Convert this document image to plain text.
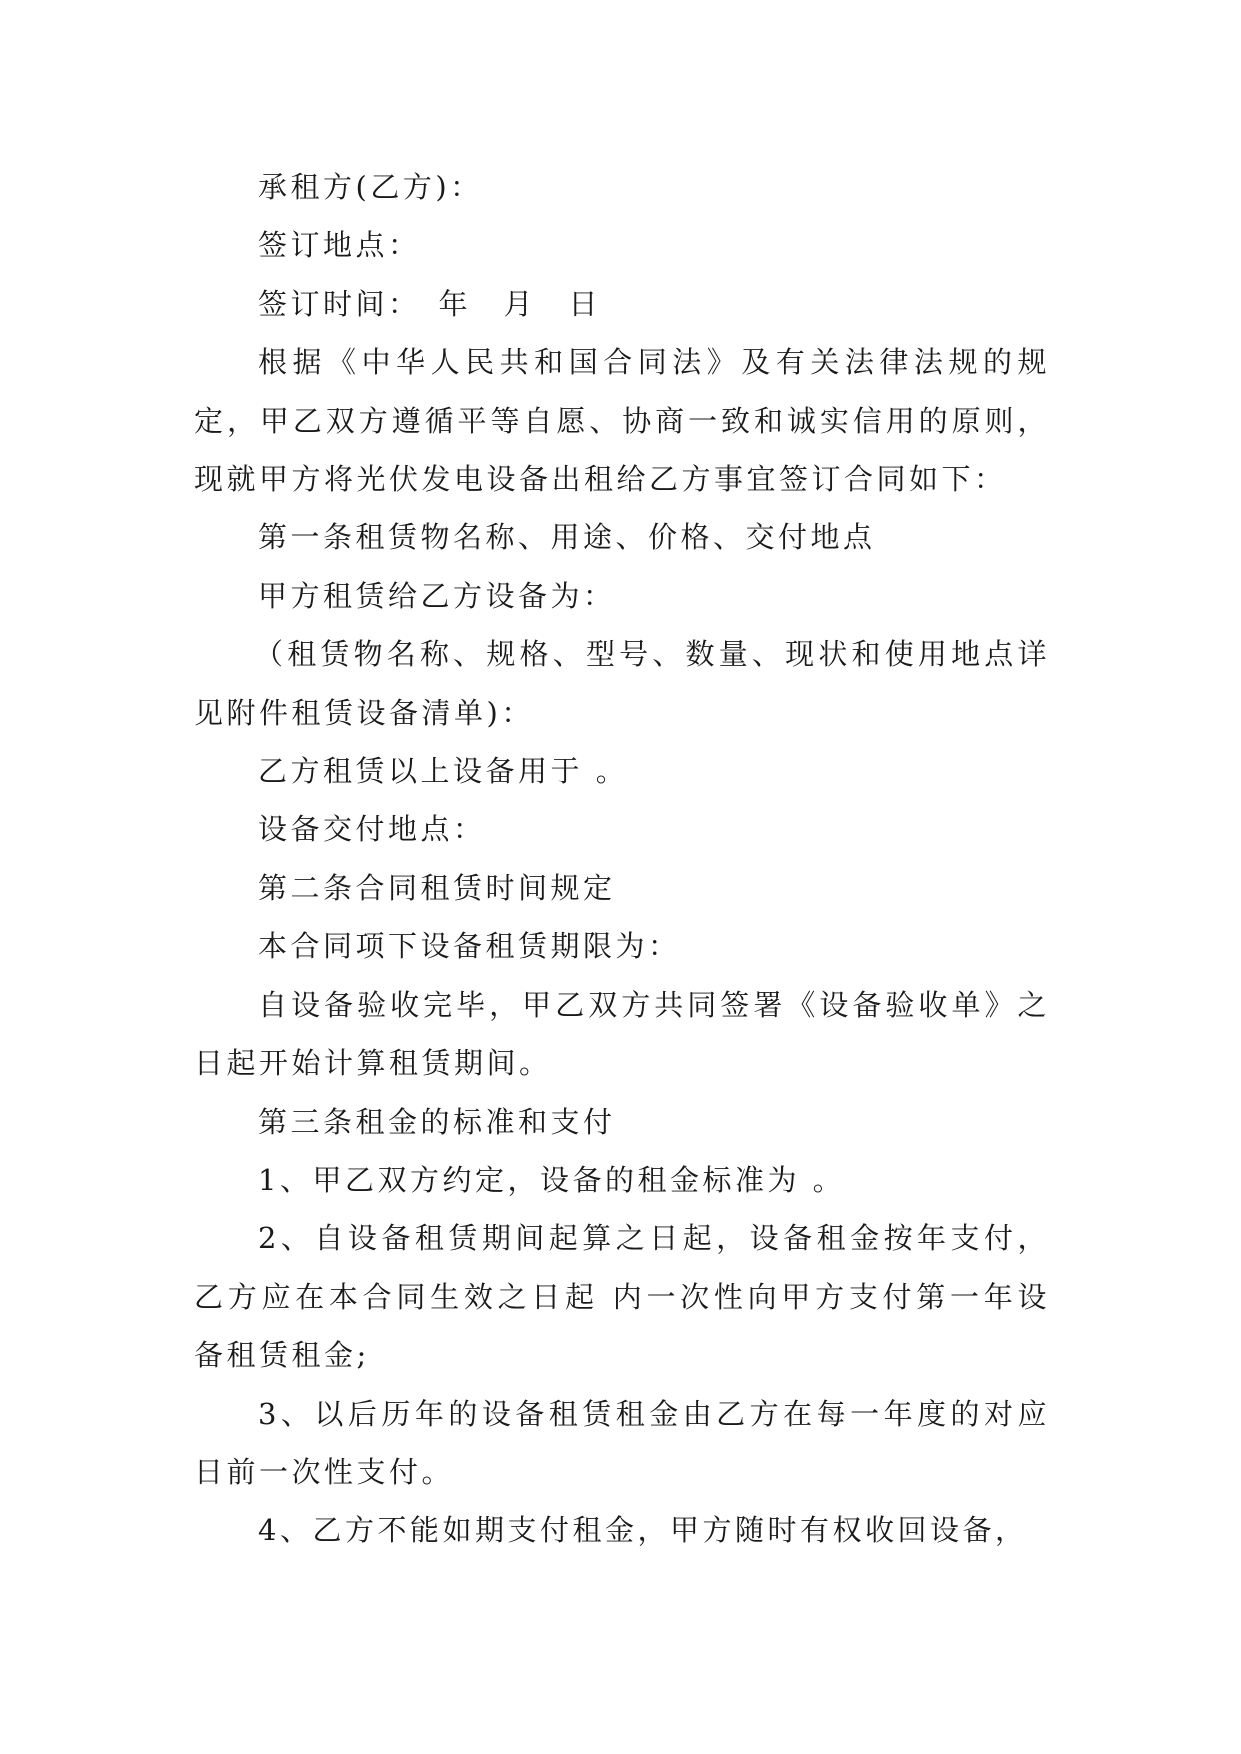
承租方(乙方)：

签订地点：

签订时间：　年　月　日

根据《中华人民共和国合同法》及有关法律法规的规定，甲乙双方遵循平等自愿、协商一致和诚实信用的原则，现就甲方将光伏发电设备出租给乙方事宜签订合同如下：

第一条租赁物名称、用途、价格、交付地点

甲方租赁给乙方设备为：

（租赁物名称、规格、型号、数量、现状和使用地点详见附件租赁设备清单)：

乙方租赁以上设备用于 。

设备交付地点：

第二条合同租赁时间规定

本合同项下设备租赁期限为：

自设备验收完毕，甲乙双方共同签署《设备验收单》之日起开始计算租赁期间。

第三条租金的标准和支付

1、甲乙双方约定，设备的租金标准为 。

2、自设备租赁期间起算之日起，设备租金按年支付，乙方应在本合同生效之日起 内一次性向甲方支付第一年设备租赁租金;

3、以后历年的设备租赁租金由乙方在每一年度的对应日前一次性支付。

4、乙方不能如期支付租金，甲方随时有权收回设备，
